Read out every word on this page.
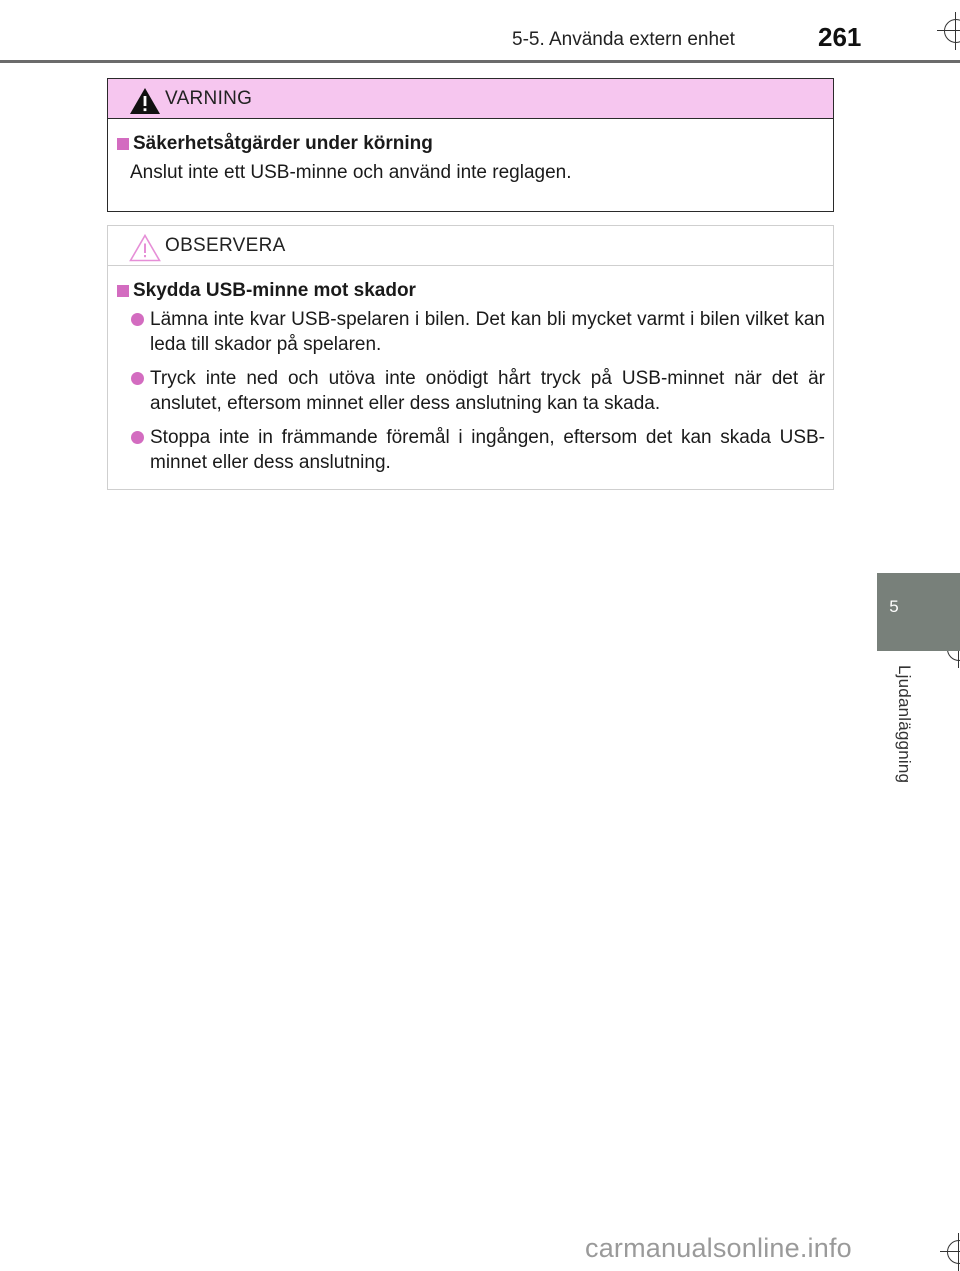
5-5. Använda extern enhet	261
VARNING
Säkerhetsåtgärder under körning
Anslut inte ett USB-minne och använd inte reglagen.
OBSERVERA
Skydda USB-minne mot skador
Lämna inte kvar USB-spelaren i bilen. Det kan bli mycket varmt i bilen vilket kan leda till skador på spelaren.
Tryck inte ned och utöva inte onödigt hårt tryck på USB-minnet när det är anslutet, eftersom minnet eller dess anslutning kan ta skada.
Stoppa inte in främmande föremål i ingången, eftersom det kan skada USB-minnet eller dess anslutning.
5
Ljudanläggning
carmanualsonline.info
